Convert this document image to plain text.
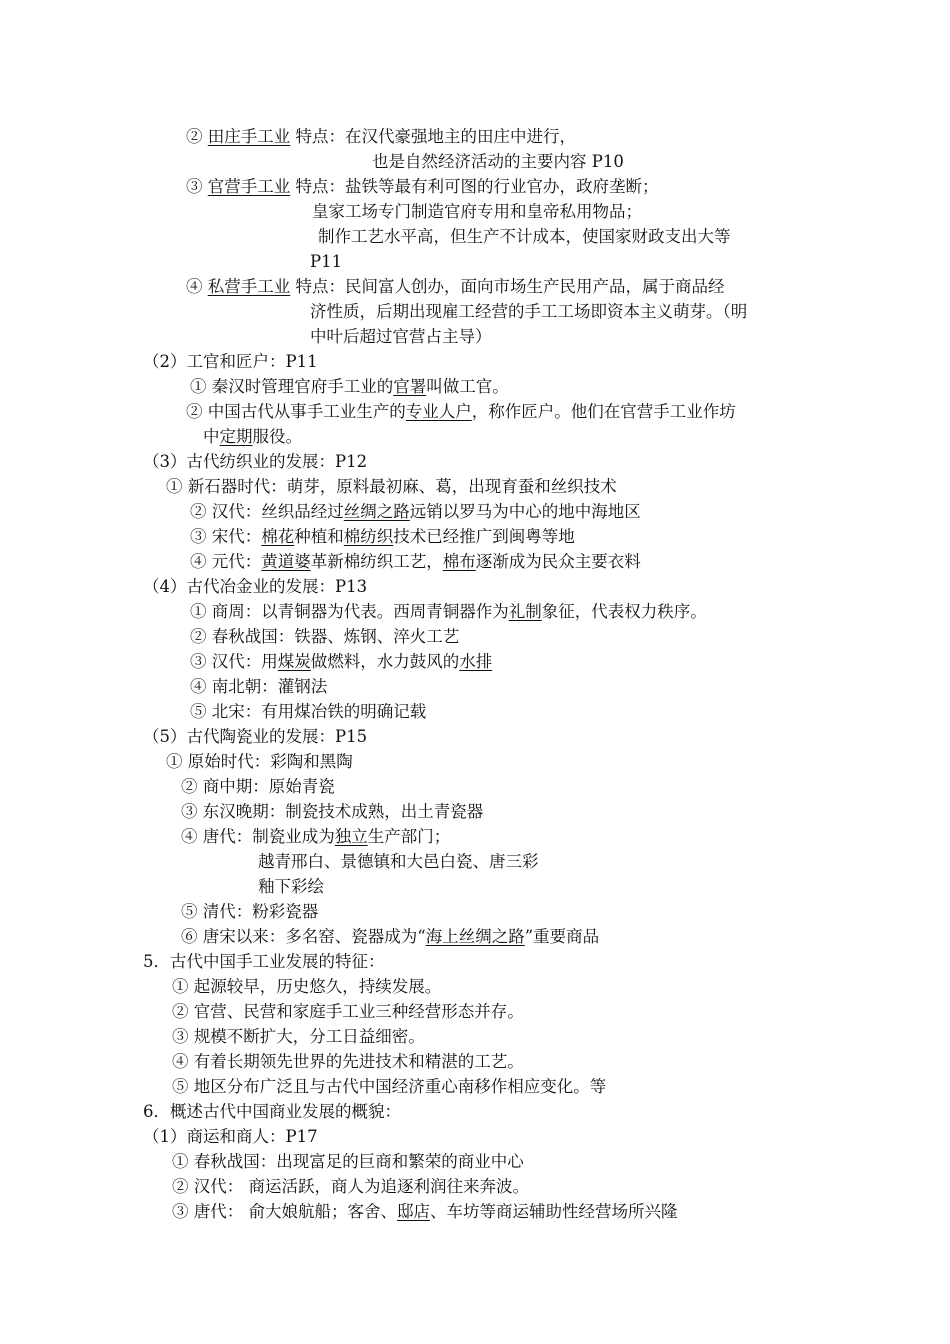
② 田庄手工业 特点：在汉代豪强地主的田庄中进行，
也是自然经济活动的主要内容 P10
③ 官营手工业 特点：盐铁等最有利可图的行业官办，政府垄断；
皇家工场专门制造官府专用和皇帝私用物品；
制作工艺水平高，但生产不计成本，使国家财政支出大等
P11
④ 私营手工业 特点：民间富人创办，面向市场生产民用产品，属于商品经
济性质，后期出现雇工经营的手工工场即资本主义萌芽。（明
中叶后超过官营占主导）
（2）工官和匠户：P11
① 秦汉时管理官府手工业的官署叫做工官。
② 中国古代从事手工业生产的专业人户，称作匠户。他们在官营手工业作坊
中定期服役。
（3）古代纺织业的发展：P12
① 新石器时代：萌芽，原料最初麻、葛，出现育蚕和丝织技术
② 汉代：丝织品经过丝绸之路远销以罗马为中心的地中海地区
③ 宋代：棉花种植和棉纺织技术已经推广到闽粤等地
④ 元代：黄道婆革新棉纺织工艺，棉布逐渐成为民众主要衣料
（4）古代冶金业的发展：P13
① 商周：以青铜器为代表。西周青铜器作为礼制象征，代表权力秩序。
② 春秋战国：铁器、炼钢、淬火工艺
③ 汉代：用煤炭做燃料，水力鼓风的水排
④ 南北朝：灌钢法
⑤ 北宋：有用煤冶铁的明确记载
（5）古代陶瓷业的发展：P15
① 原始时代：彩陶和黑陶
② 商中期：原始青瓷
③ 东汉晚期：制瓷技术成熟，出土青瓷器
④ 唐代：制瓷业成为独立生产部门；
越青邢白、景德镇和大邑白瓷、唐三彩
釉下彩绘
⑤ 清代：粉彩瓷器
⑥ 唐宋以来：多名窑、瓷器成为“海上丝绸之路”重要商品
5．古代中国手工业发展的特征：
① 起源较早，历史悠久，持续发展。
② 官营、民营和家庭手工业三种经营形态并存。
③ 规模不断扩大，分工日益细密。
④ 有着长期领先世界的先进技术和精湛的工艺。
⑤ 地区分布广泛且与古代中国经济重心南移作相应变化。等
6．概述古代中国商业发展的概貌：
（1）商运和商人：P17
① 春秋战国：出现富足的巨商和繁荣的商业中心
② 汉代： 商运活跃，商人为追逐利润往来奔波。
③ 唐代： 俞大娘航船；客舍、邸店、车坊等商运辅助性经营场所兴隆
